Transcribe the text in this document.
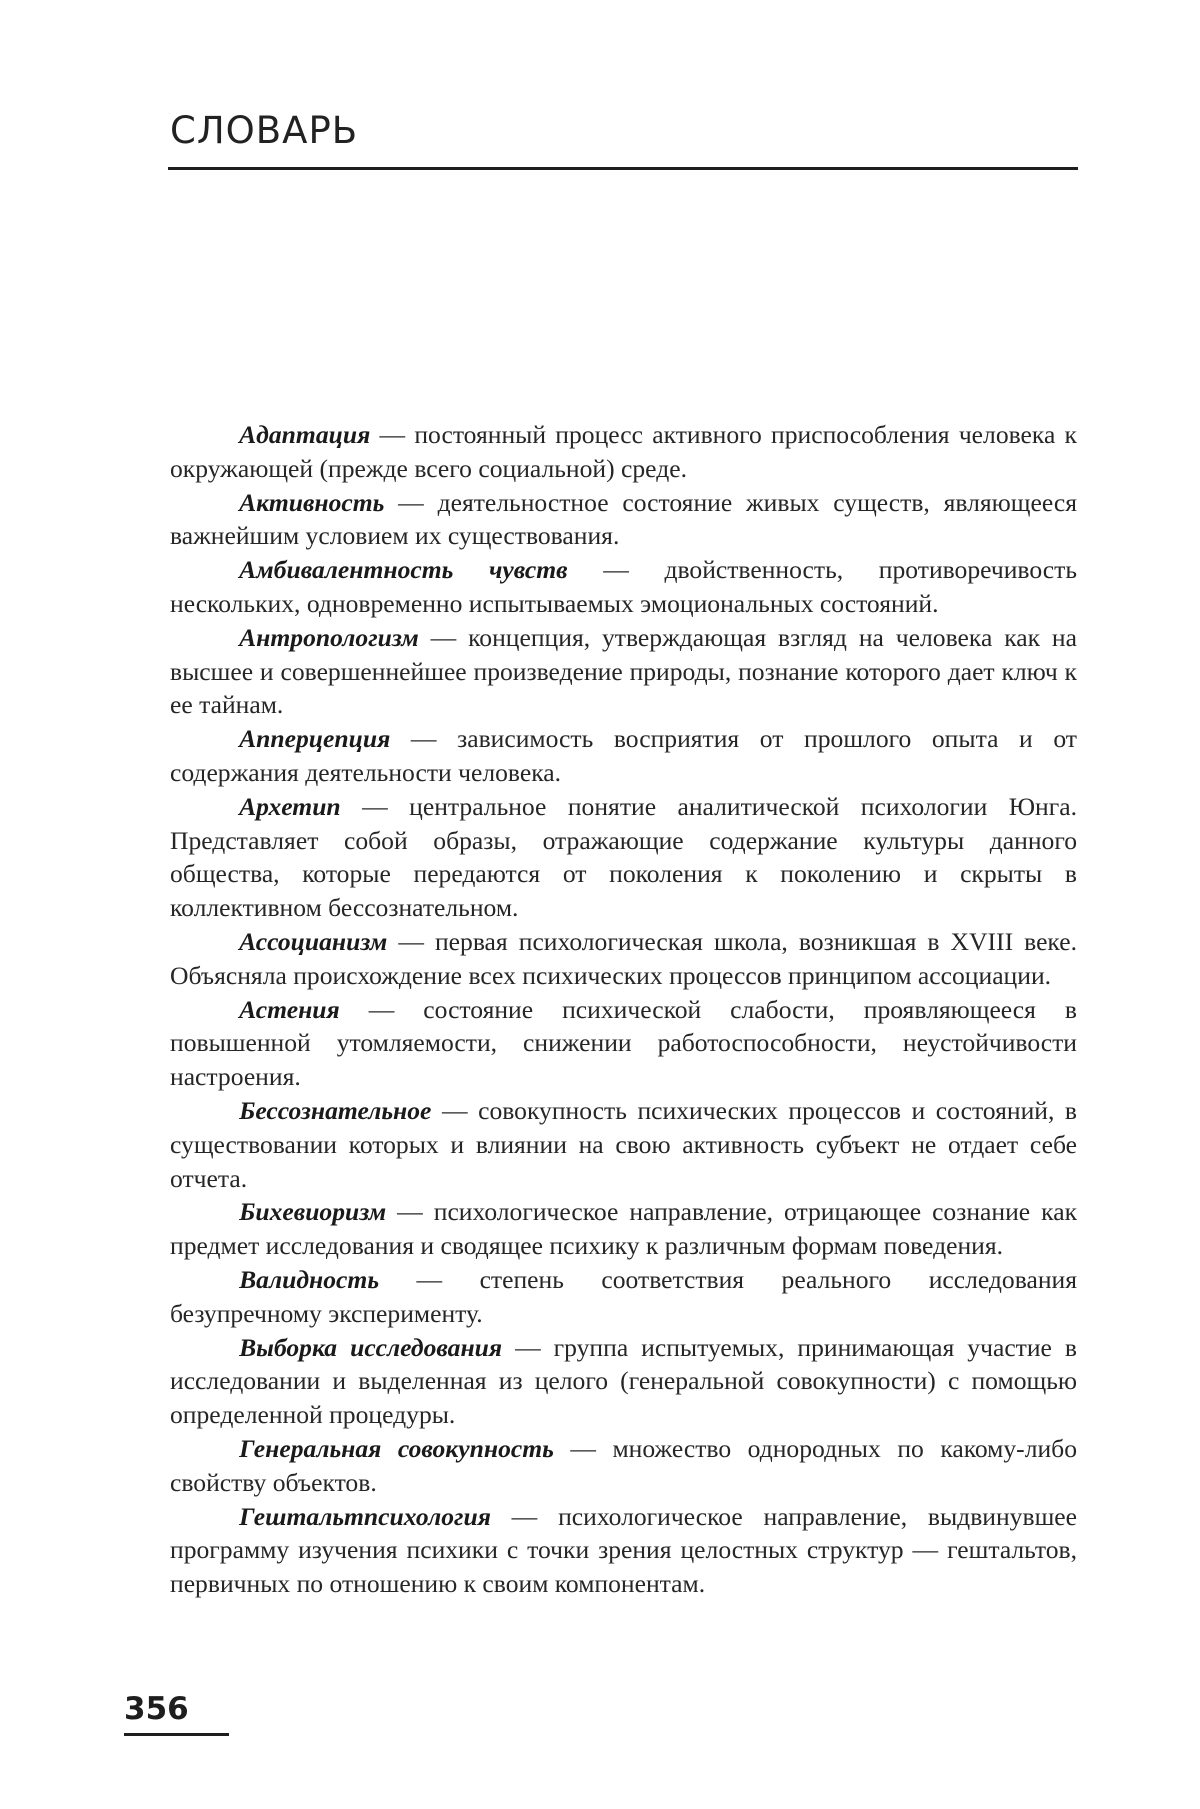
СЛОВАРЬ

Адаптация — постоянный процесс активного приспособления человека к окружающей (прежде всего социальной) среде.

Активность — деятельностное состояние живых существ, являющееся важнейшим условием их существования.

Амбивалентность чувств — двойственность, противоречивость нескольких, одновременно испытываемых эмоциональных состояний.

Антропологизм — концепция, утверждающая взгляд на человека как на высшее и совершеннейшее произведение природы, познание которого дает ключ к ее тайнам.

Апперцепция — зависимость восприятия от прошлого опыта и от содержания деятельности человека.

Архетип — центральное понятие аналитической психологии Юнга. Представляет собой образы, отражающие содержание культуры данного общества, которые передаются от поколения к поколению и скрыты в коллективном бессознательном.

Ассоцианизм — первая психологическая школа, возникшая в XVIII веке. Объясняла происхождение всех психических процессов принципом ассоциации.

Астения — состояние психической слабости, проявляющееся в повышенной утомляемости, снижении работоспособности, неустойчивости настроения.

Бессознательное — совокупность психических процессов и состояний, в существовании которых и влиянии на свою активность субъект не отдает себе отчета.

Бихевиоризм — психологическое направление, отрицающее сознание как предмет исследования и сводящее психику к различным формам поведения.

Валидность — степень соответствия реального исследования безупречному эксперименту.

Выборка исследования — группа испытуемых, принимающая участие в исследовании и выделенная из целого (генеральной совокупности) с помощью определенной процедуры.

Генеральная совокупность — множество однородных по какому-либо свойству объектов.

Гештальтпсихология — психологическое направление, выдвинувшее программу изучения психики с точки зрения целостных структур — гештальтов, первичных по отношению к своим компонентам.

356
